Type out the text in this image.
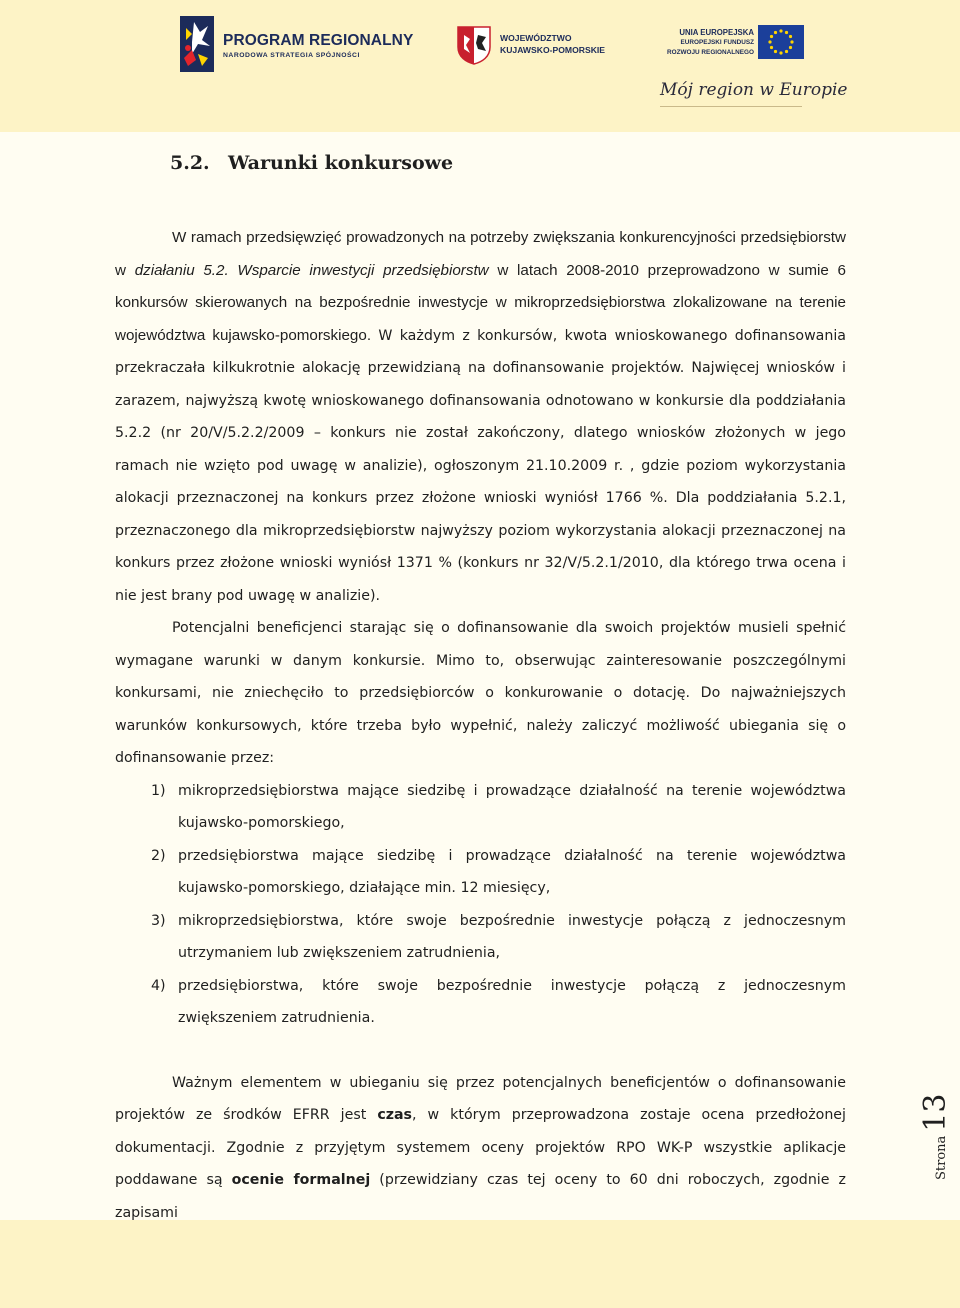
PROGRAM REGIONALNY
NARODOWA STRATEGIA SPÓJNOŚCI
WOJEWÓDZTWO
KUJAWSKO-POMORSKIE
UNIA EUROPEJSKA
EUROPEJSKI FUNDUSZ
ROZWOJU REGIONALNEGO
Mój region w Europie
5.2. Warunki konkursowe

W ramach przedsięwzięć prowadzonych na potrzeby zwiększania konkurencyjności przedsiębiorstw w działaniu 5.2. Wsparcie inwestycji przedsiębiorstw w latach 2008-2010 przeprowadzono w sumie 6 konkursów skierowanych na bezpośrednie inwestycje w mikroprzedsiębiorstwa zlokalizowane na terenie województwa kujawsko-pomorskiego. W każdym z konkursów, kwota wnioskowanego dofinansowania przekraczała kilkukrotnie alokację przewidzianą na dofinansowanie projektów. Najwięcej wniosków i zarazem, najwyższą kwotę wnioskowanego dofinansowania odnotowano w konkursie dla poddziałania 5.2.2 (nr 20/V/5.2.2/2009 – konkurs nie został zakończony, dlatego wniosków złożonych w jego ramach nie wzięto pod uwagę w analizie), ogłoszonym 21.10.2009 r. , gdzie poziom wykorzystania alokacji przeznaczonej na konkurs przez złożone wnioski wyniósł 1766 %. Dla poddziałania 5.2.1, przeznaczonego dla mikroprzedsiębiorstw najwyższy poziom wykorzystania alokacji przeznaczonej na konkurs przez złożone wnioski wyniósł 1371 % (konkurs nr 32/V/5.2.1/2010, dla którego trwa ocena i nie jest brany pod uwagę w analizie).

Potencjalni beneficjenci starając się o dofinansowanie dla swoich projektów musieli spełnić wymagane warunki w danym konkursie. Mimo to, obserwując zainteresowanie poszczególnymi konkursami, nie zniechęciło to przedsiębiorców o konkurowanie o dotację. Do najważniejszych warunków konkursowych, które trzeba było wypełnić, należy zaliczyć możliwość ubiegania się o dofinansowanie przez:

1) mikroprzedsiębiorstwa mające siedzibę i prowadzące działalność na terenie województwa kujawsko-pomorskiego,
2) przedsiębiorstwa mające siedzibę i prowadzące działalność na terenie województwa kujawsko-pomorskiego, działające min. 12 miesięcy,
3) mikroprzedsiębiorstwa, które swoje bezpośrednie inwestycje połączą z jednoczesnym utrzymaniem lub zwiększeniem zatrudnienia,
4) przedsiębiorstwa, które swoje bezpośrednie inwestycje połączą z jednoczesnym zwiększeniem zatrudnienia.

Ważnym elementem w ubieganiu się przez potencjalnych beneficjentów o dofinansowanie projektów ze środków EFRR jest czas, w którym przeprowadzona zostaje ocena przedłożonej dokumentacji. Zgodnie z przyjętym systemem oceny projektów RPO WK-P wszystkie aplikacje poddawane są ocenie formalnej (przewidziany czas tej oceny to 60 dni roboczych, zgodnie z zapisami

Strona13
